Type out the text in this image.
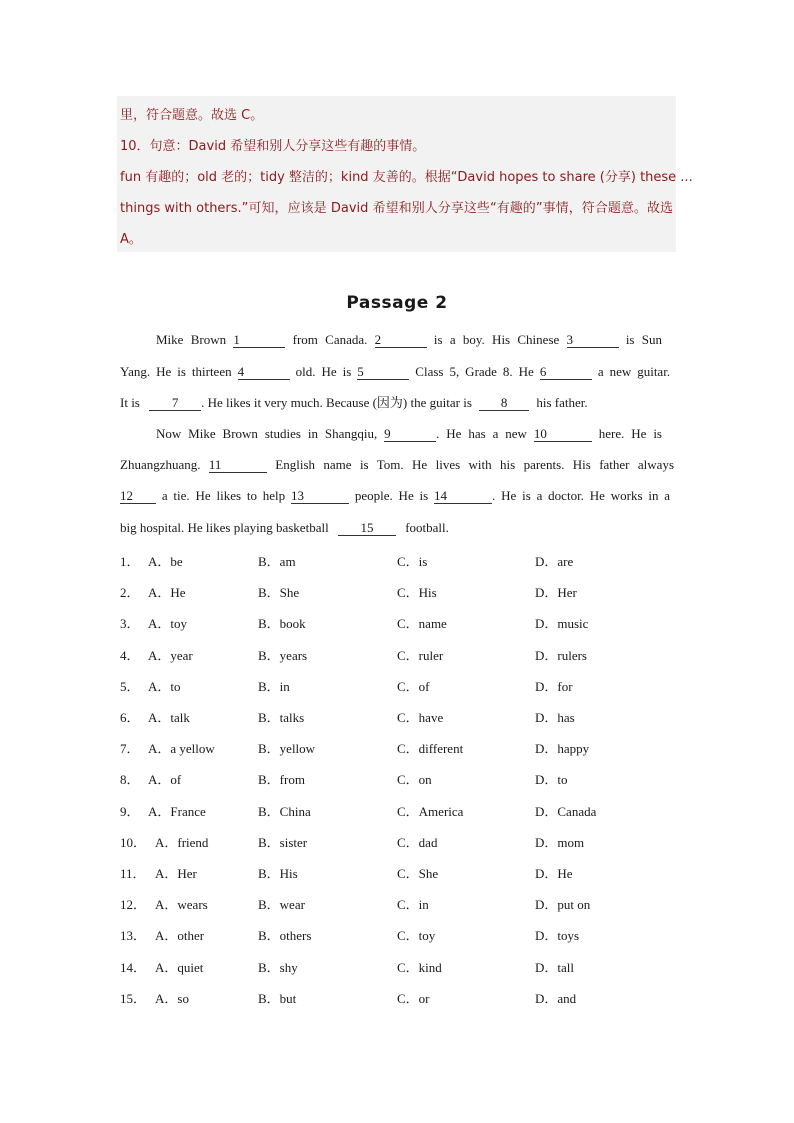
里，符合题意。故选 C。
10．句意：David 希望和别人分享这些有趣的事情。
fun 有趣的；old 老的；tidy 整洁的；kind 友善的。根据“David hopes to share (分享) these ...
things with others.”可知，应该是 David 希望和别人分享这些“有趣的”事情，符合题意。故选
A。
Passage 2
Mike Brown 1	from Canada. 2	is a boy. His Chinese 3	is Sun
Yang. He is thirteen 4	old. He is 5	Class 5, Grade 8. He 6	a new guitar.
It is 7 . He likes it very much. Because (因为) the guitar is 8 his father.
Now Mike Brown studies in Shangqiu, 9	. He has a new 10	here. He is
Zhuangzhuang. 11	English name is Tom. He lives with his parents. His father always
12 a tie. He likes to help 13	people. He is 14	. He is a doctor. He works in a
big hospital. He likes playing basketball 15 football.
1． A．be	B．am	C．is	D．are
2． A．He	B．She	C．His	D．Her
3． A．toy	B．book	C．name	D．music
4． A．year	B．years	C．ruler	D．rulers
5． A．to	B．in	C．of	D．for
6． A．talk	B．talks	C．have	D．has
7． A．a yellow	B．yellow	C．different	D．happy
8． A．of	B．from	C．on	D．to
9． A．France	B．China	C．America	D．Canada
10． A．friend	B．sister	C．dad	D．mom
11． A．Her	B．His	C．She	D．He
12． A．wears	B．wear	C．in	D．put on
13． A．other	B．others	C．toy	D．toys
14． A．quiet	B．shy	C．kind	D．tall
15． A．so	B．but	C．or	D．and
